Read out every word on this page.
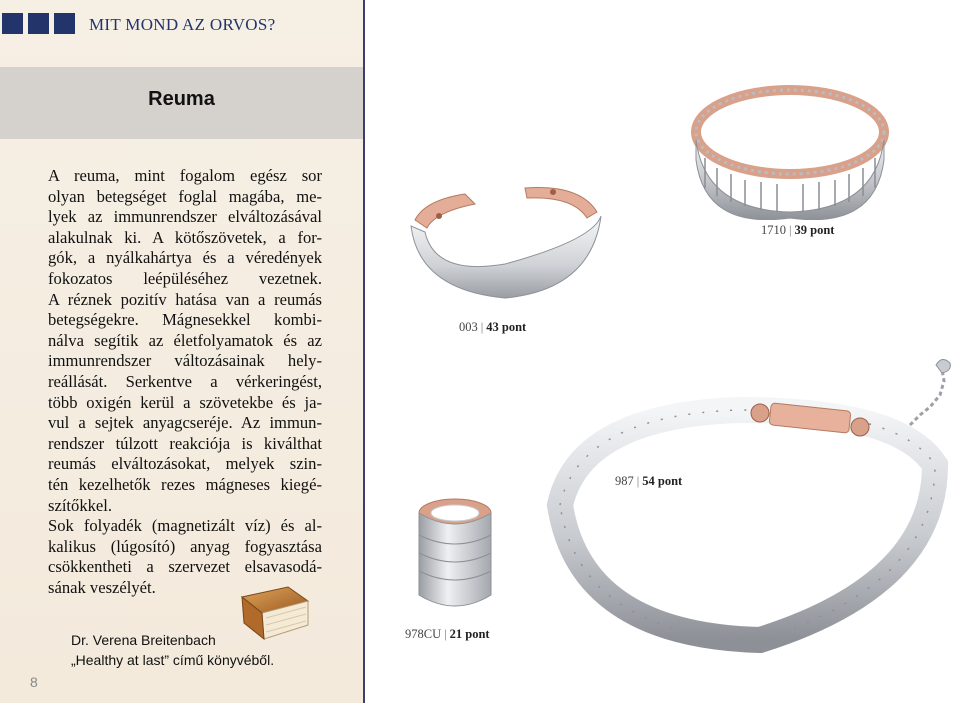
MIT MOND AZ ORVOS?
Reuma
A reuma, mint fogalom egész sor
olyan betegséget foglal magába, me-
lyek az immunrendszer elváltozásával
alakulnak ki. A kötőszövetek, a for-
gók, a nyálkahártya és a véredények
fokozatos leépüléséhez vezetnek.
A réznek pozitív hatása van a reumás
betegségekre. Mágnesekkel kombi-
nálva segítik az életfolyamatok és az
immunrendszer változásainak hely-
reállását. Serkentve a vérkeringést,
több oxigén kerül a szövetekbe és ja-
vul a sejtek anyagcseréje. Az immun-
rendszer túlzott reakciója is kiválthat
reumás elváltozásokat, melyek szin-
tén kezelhetők rezes mágneses kiegé-
szítőkkel.
Sok folyadék (magnetizált víz) és al-
kalikus (lúgosító) anyag fogyasztása
csökkentheti a szervezet elsavasodá-
sának veszélyét.
Dr. Verena Breitenbach
„Healthy at last” című könyvéből.
8
1710 | 39 pont
003 | 43 pont
987 | 54 pont
978CU | 21 pont
